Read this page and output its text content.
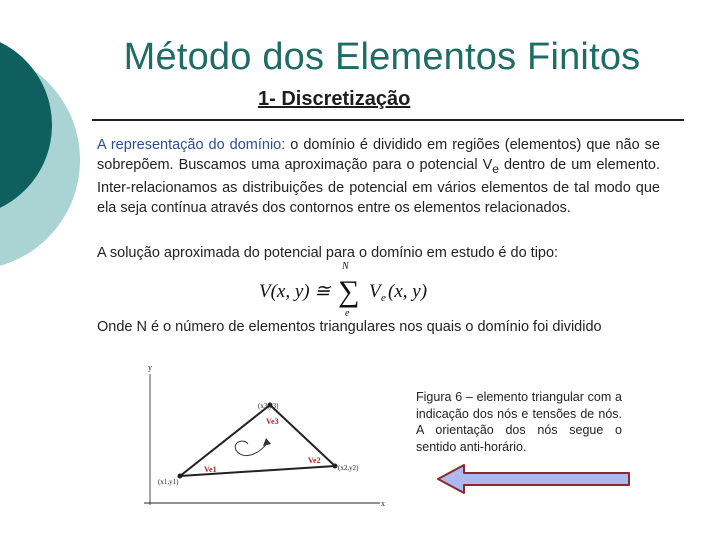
Método dos Elementos Finitos
1- Discretização
A representação do domínio: o domínio é dividido em regiões (elementos) que não se sobrepõem. Buscamos uma aproximação para o potencial $V_e$ dentro de um elemento. Inter-relacionamos as distribuições de potencial em vários elementos de tal modo que ela seja contínua através dos contornos entre os elementos relacionados.
A solução aproximada do potencial para o domínio em estudo é do tipo:
V(x, y) ≅
N
∑
e
V e (x, y)
Onde N é o número de elementos triangulares nos quais o domínio foi dividido
y
x
(x1,y1)
(x2,y2)
(x3,y3)
Ve1
Ve2
Ve3
Figura 6 – elemento triangular com a indicação dos nós e tensões de nós. A orientação dos nós segue o sentido anti-horário.
